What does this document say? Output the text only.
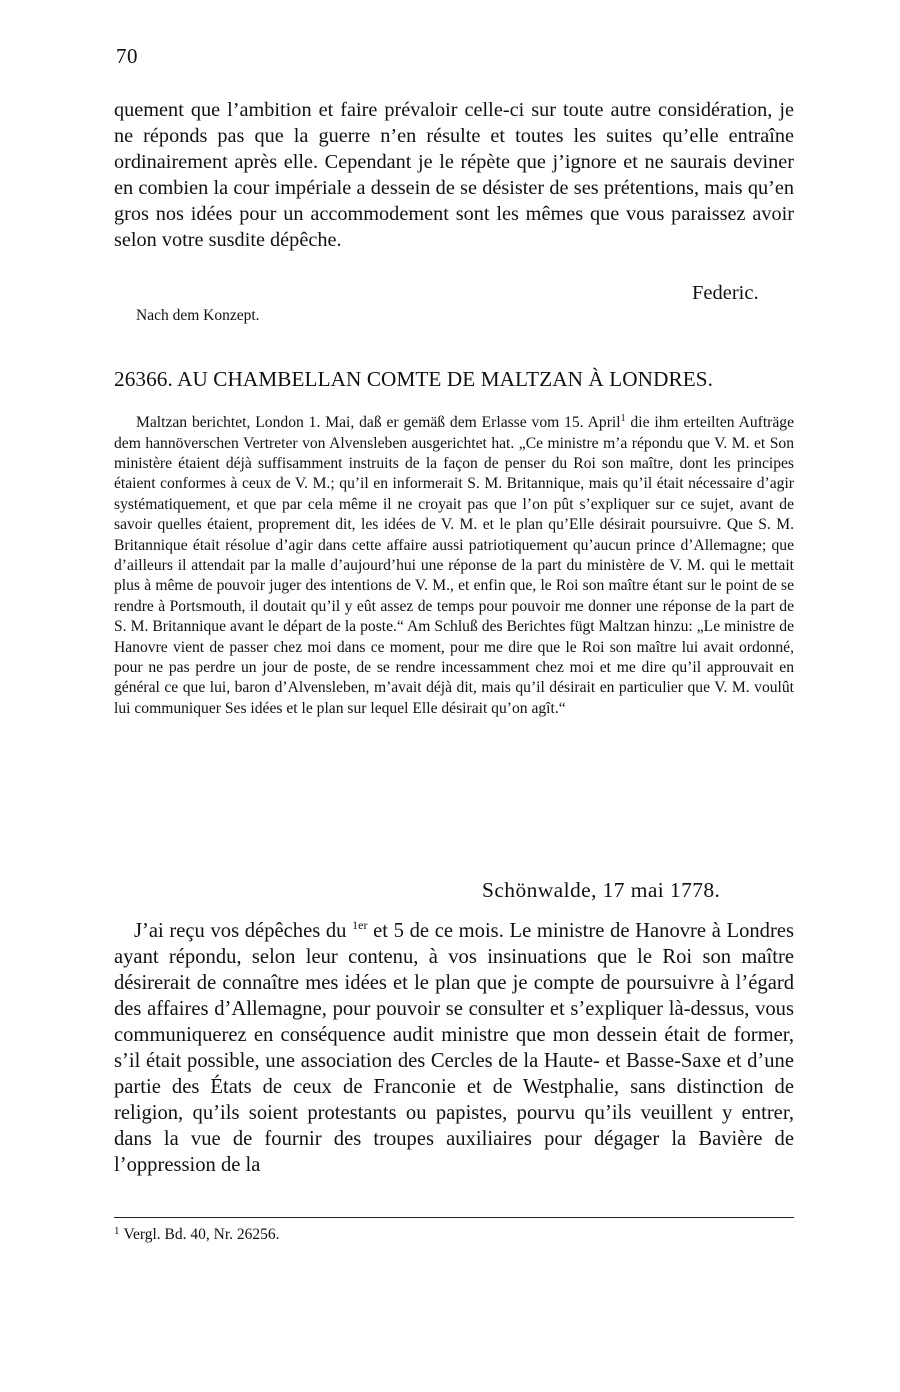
70
quement que l’ambition et faire prévaloir celle-ci sur toute autre considération, je ne réponds pas que la guerre n’en résulte et toutes les suites qu’elle entraîne ordinairement après elle. Cependant je le répète que j’ignore et ne saurais deviner en combien la cour impériale a dessein de se désister de ses prétentions, mais qu’en gros nos idées pour un accommodement sont les mêmes que vous paraissez avoir selon votre susdite dépêche.
Federic.
Nach dem Konzept.
26366. AU CHAMBELLAN COMTE DE MALTZAN À LONDRES.
Maltzan berichtet, London 1. Mai, daß er gemäß dem Erlasse vom 15. April$^1$ die ihm erteilten Aufträge dem hannöverschen Vertreter von Alvensleben ausgerichtet hat. „Ce ministre m’a répondu que V. M. et Son ministère étaient déjà suffisamment instruits de la façon de penser du Roi son maître, dont les principes étaient conformes à ceux de V. M.; qu’il en informerait S. M. Britannique, mais qu’il était nécessaire d’agir systématiquement, et que par cela même il ne croyait pas que l’on pût s’expliquer sur ce sujet, avant de savoir quelles étaient, proprement dit, les idées de V. M. et le plan qu’Elle désirait poursuivre. Que S. M. Britannique était résolue d’agir dans cette affaire aussi patriotiquement qu’aucun prince d’Allemagne; que d’ailleurs il attendait par la malle d’aujourd’hui une réponse de la part du ministère de V. M. qui le mettait plus à même de pouvoir juger des intentions de V. M., et enfin que, le Roi son maître étant sur le point de se rendre à Portsmouth, il doutait qu’il y eût assez de temps pour pouvoir me donner une réponse de la part de S. M. Britannique avant le départ de la poste.“ Am Schluß des Berichtes fügt Maltzan hinzu: „Le ministre de Hanovre vient de passer chez moi dans ce moment, pour me dire que le Roi son maître lui avait ordonné, pour ne pas perdre un jour de poste, de se rendre incessamment chez moi et me dire qu’il approuvait en général ce que lui, baron d’Alvensleben, m’avait déjà dit, mais qu’il désirait en particulier que V. M. voulût lui communiquer Ses idées et le plan sur lequel Elle désirait qu’on agît.“
Schönwalde, 17 mai 1778.
J’ai reçu vos dépêches du $^{1er}$ et 5 de ce mois. Le ministre de Hanovre à Londres ayant répondu, selon leur contenu, à vos insinuations que le Roi son maître désirerait de connaître mes idées et le plan que je compte de poursuivre à l’égard des affaires d’Allemagne, pour pouvoir se consulter et s’expliquer là-dessus, vous communiquerez en conséquence audit ministre que mon dessein était de former, s’il était possible, une association des Cercles de la Haute- et Basse-Saxe et d’une partie des États de ceux de Franconie et de Westphalie, sans distinction de religion, qu’ils soient protestants ou papistes, pourvu qu’ils veuillent y entrer, dans la vue de fournir des troupes auxiliaires pour dégager la Bavière de l’oppression de la
$^1$ Vergl. Bd. 40, Nr. 26256.
